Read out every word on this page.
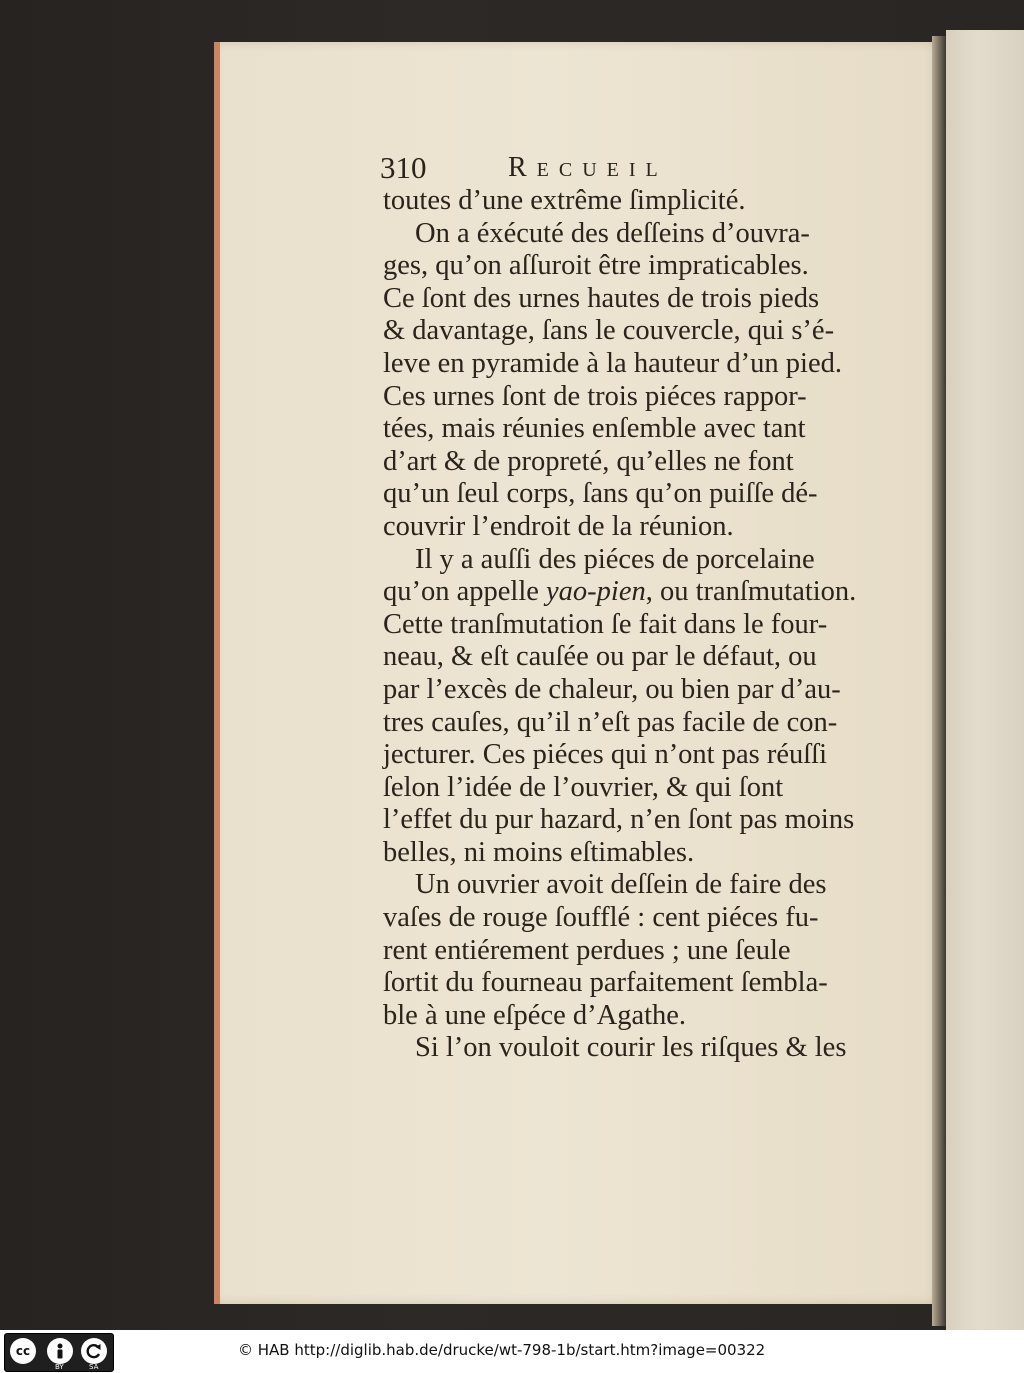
310	Recueil
toutes d’une extrême ſimplicité.
On a éxécuté des deſſeins d’ouvra-
ges, qu’on aſſuroit être impraticables.
Ce ſont des urnes hautes de trois pieds
& davantage, ſans le couvercle, qui s’é-
leve en pyramide à la hauteur d’un pied.
Ces urnes ſont de trois piéces rappor-
tées, mais réunies enſemble avec tant
d’art & de propreté, qu’elles ne font
qu’un ſeul corps, ſans qu’on puiſſe dé-
couvrir l’endroit de la réunion.
Il y a auſſi des piéces de porcelaine
qu’on appelle yao-pien, ou tranſmutation.
Cette tranſmutation ſe fait dans le four-
neau, & eſt cauſée ou par le défaut, ou
par l’excès de chaleur, ou bien par d’au-
tres cauſes, qu’il n’eſt pas facile de con-
jecturer. Ces piéces qui n’ont pas réuſſi
ſelon l’idée de l’ouvrier, & qui ſont
l’effet du pur hazard, n’en ſont pas moins
belles, ni moins eſtimables.
Un ouvrier avoit deſſein de faire des
vaſes de rouge ſoufflé : cent piéces fu-
rent entiérement perdues ; une ſeule
ſortit du fourneau parfaitement ſembla-
ble à une eſpéce d’Agathe.
Si l’on vouloit courir les riſques & les
cc
BY	SA
© HAB http://diglib.hab.de/drucke/wt-798-1b/start.htm?image=00322
